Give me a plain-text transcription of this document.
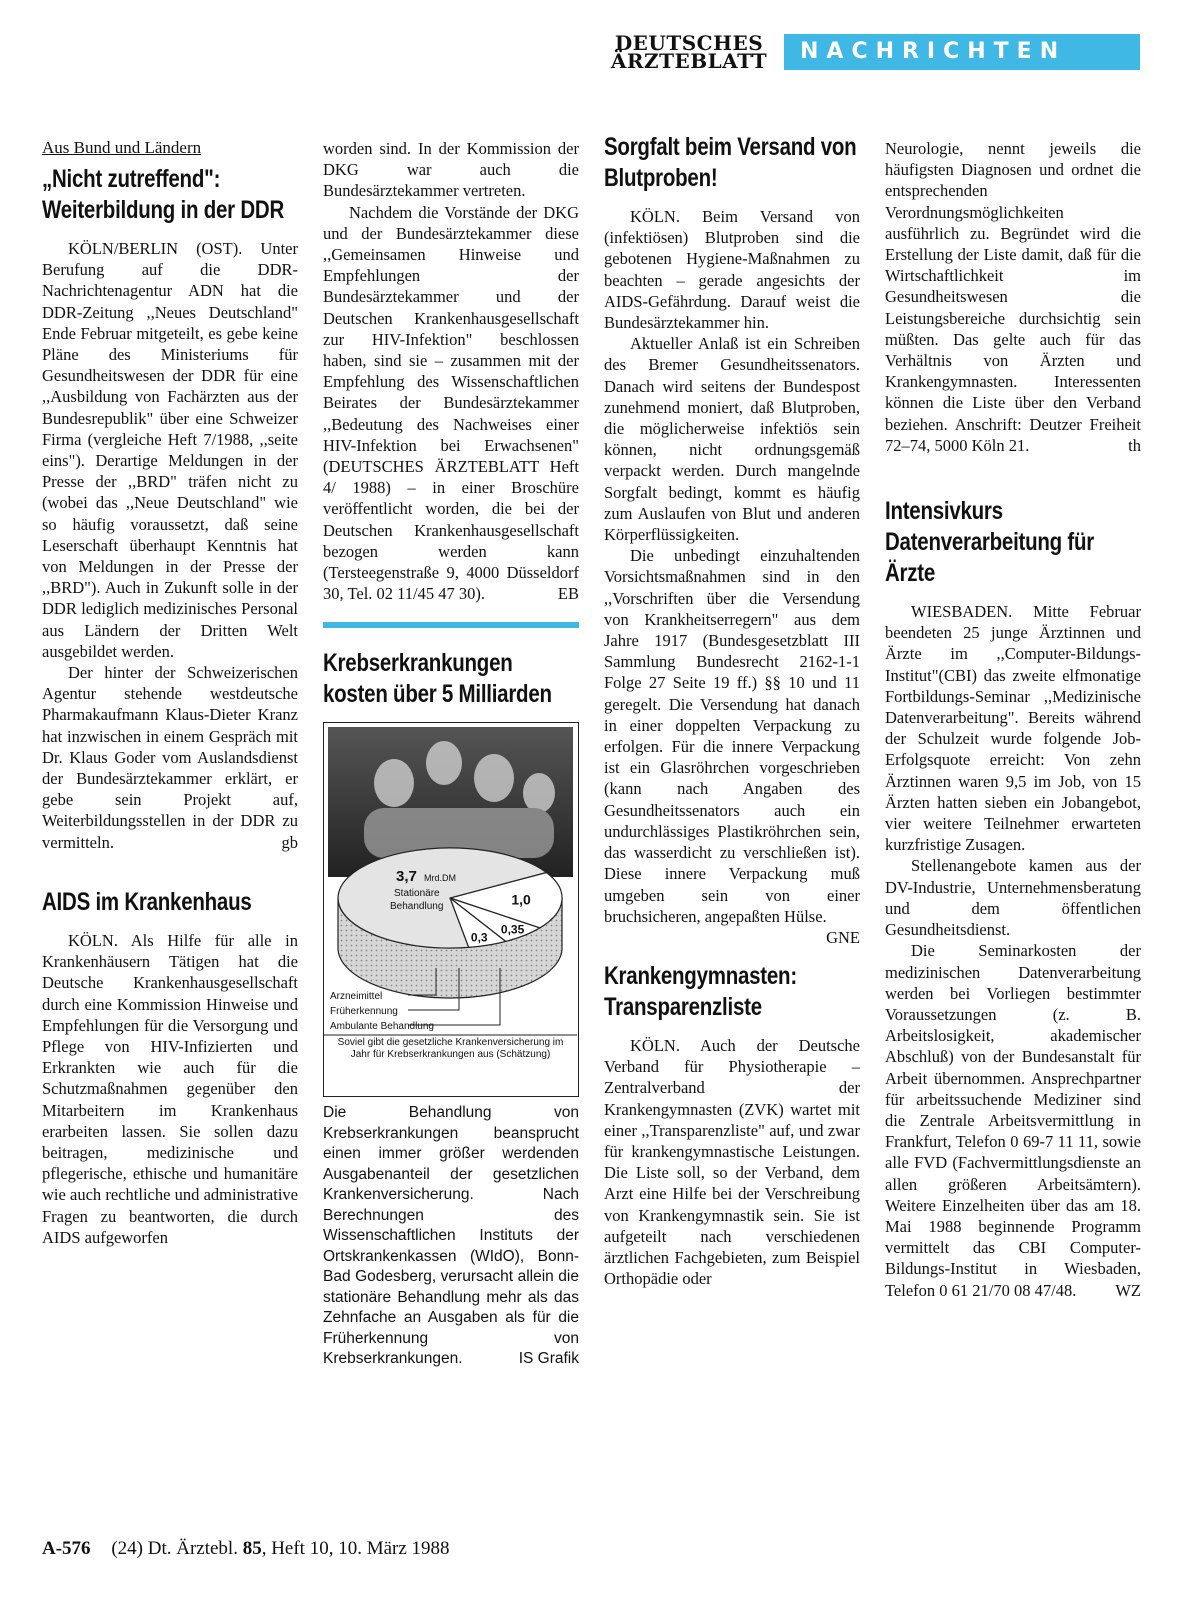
DEUTSCHES
ÄRZTEBLATT	NACHRICHTEN
Aus Bund und Ländern
„Nicht zutreffend": Weiterbildung in der DDR

KÖLN/BERLIN (OST). Unter Berufung auf die DDR-Nachrichtenagentur ADN hat die DDR-Zeitung ,,Neues Deutschland" Ende Februar mitgeteilt, es gebe keine Pläne des Ministeriums für Gesundheitswesen der DDR für eine ,,Ausbildung von Fachärzten aus der Bundesrepublik" über eine Schweizer Firma (vergleiche Heft 7/1988, ,,seite eins"). Derartige Meldungen in der Presse der ,,BRD" träfen nicht zu (wobei das ,,Neue Deutschland" wie so häufig voraussetzt, daß seine Leserschaft überhaupt Kenntnis hat von Meldungen in der Presse der ,,BRD"). Auch in Zukunft solle in der DDR lediglich medizinisches Personal aus Ländern der Dritten Welt ausgebildet werden.

Der hinter der Schweizerischen Agentur stehende westdeutsche Pharmakaufmann Klaus-Dieter Kranz hat inzwischen in einem Gespräch mit Dr. Klaus Goder vom Auslandsdienst der Bundesärztekammer erklärt, er gebe sein Projekt auf, Weiterbildungsstellen in der DDR zu vermitteln.	gb

AIDS im Krankenhaus

KÖLN. Als Hilfe für alle in Krankenhäusern Tätigen hat die Deutsche Krankenhausgesellschaft durch eine Kommission Hinweise und Empfehlungen für die Versorgung und Pflege von HIV-Infizierten und Erkrankten wie auch für die Schutzmaßnahmen gegenüber den Mitarbeitern im Krankenhaus erarbeiten lassen. Sie sollen dazu beitragen, medizinische und pflegerische, ethische und humanitäre wie auch rechtliche und administrative Fragen zu beantworten, die durch AIDS aufgeworfen

worden sind. In der Kommission der DKG war auch die Bundesärztekammer vertreten.

Nachdem die Vorstände der DKG und der Bundesärztekammer diese ,,Gemeinsamen Hinweise und Empfehlungen der Bundesärztekammer und der Deutschen Krankenhausgesellschaft zur HIV-Infektion" beschlossen haben, sind sie – zusammen mit der Empfehlung des Wissenschaftlichen Beirates der Bundesärztekammer ,,Bedeutung des Nachweises einer HIV-Infektion bei Erwachsenen" (DEUTSCHES ÄRZTEBLATT Heft 4/ 1988) – in einer Broschüre veröffentlicht worden, die bei der Deutschen Krankenhausgesellschaft bezogen werden kann (Tersteegenstraße 9, 4000 Düsseldorf 30, Tel. 02 11/45 47 30).	EB

Krebserkrankungen kosten über 5 Milliarden
3,7 Mrd.DM
Stationäre
Behandlung	1,0
0,35
0,3
Arzneimittel
Früherkennung
Ambulante Behandlung
Soviel gibt die gesetzliche Krankenversicherung im Jahr für Krebserkrankungen aus (Schätzung)
Die Behandlung von Krebserkrankungen beansprucht einen immer größer werdenden Ausgabenanteil der gesetzlichen Krankenversicherung. Nach Berechnungen des Wissenschaftlichen Instituts der Ortskrankenkassen (WIdO), Bonn-Bad Godesberg, verursacht allein die stationäre Behandlung mehr als das Zehnfache an Ausgaben als für die Früherkennung von Krebserkrankungen.	IS Grafik
Sorgfalt beim Versand von Blutproben!

KÖLN. Beim Versand von (infektiösen) Blutproben sind die gebotenen Hygiene-Maßnahmen zu beachten – gerade angesichts der AIDS-Gefährdung. Darauf weist die Bundesärztekammer hin.

Aktueller Anlaß ist ein Schreiben des Bremer Gesundheitssenators. Danach wird seitens der Bundespost zunehmend moniert, daß Blutproben, die möglicherweise infektiös sein können, nicht ordnungsgemäß verpackt werden. Durch mangelnde Sorgfalt bedingt, kommt es häufig zum Auslaufen von Blut und anderen Körperflüssigkeiten.

Die unbedingt einzuhaltenden Vorsichtsmaßnahmen sind in den ,,Vorschriften über die Versendung von Krankheitserregern" aus dem Jahre 1917 (Bundesgesetzblatt III Sammlung Bundesrecht 2162-1-1 Folge 27 Seite 19 ff.) §§ 10 und 11 geregelt. Die Versendung hat danach in einer doppelten Verpackung zu erfolgen. Für die innere Verpackung ist ein Glasröhrchen vorgeschrieben (kann nach Angaben des Gesundheitssenators auch ein undurchlässiges Plastikröhrchen sein, das wasserdicht zu verschließen ist). Diese innere Verpackung muß umgeben sein von einer bruchsicheren, angepaßten Hülse.
GNE

Krankengymnasten: Transparenzliste

KÖLN. Auch der Deutsche Verband für Physiotherapie – Zentralverband der Krankengymnasten (ZVK) wartet mit einer ,,Transparenzliste" auf, und zwar für krankengymnastische Leistungen. Die Liste soll, so der Verband, dem Arzt eine Hilfe bei der Verschreibung von Krankengymnastik sein. Sie ist aufgeteilt nach verschiedenen ärztlichen Fachgebieten, zum Beispiel Orthopädie oder

Neurologie, nennt jeweils die häufigsten Diagnosen und ordnet die entsprechenden Verordnungsmöglichkeiten ausführlich zu. Begründet wird die Erstellung der Liste damit, daß für die Wirtschaftlichkeit im Gesundheitswesen die Leistungsbereiche durchsichtig sein müßten. Das gelte auch für das Verhältnis von Ärzten und Krankengymnasten. Interessenten können die Liste über den Verband beziehen. Anschrift: Deutzer Freiheit 72–74, 5000 Köln 21.	th

Intensivkurs Datenverarbeitung für Ärzte

WIESBADEN. Mitte Februar beendeten 25 junge Ärztinnen und Ärzte im ,,Computer-Bildungs-Institut"(CBI) das zweite elfmonatige Fortbildungs-Seminar ,,Medizinische Datenverarbeitung". Bereits während der Schulzeit wurde folgende Job-Erfolgsquote erreicht: Von zehn Ärztinnen waren 9,5 im Job, von 15 Ärzten hatten sieben ein Jobangebot, vier weitere Teilnehmer erwarteten kurzfristige Zusagen.

Stellenangebote kamen aus der DV-Industrie, Unternehmensberatung und dem öffentlichen Gesundheitsdienst.

Die Seminarkosten der medizinischen Datenverarbeitung werden bei Vorliegen bestimmter Voraussetzungen (z. B. Arbeitslosigkeit, akademischer Abschluß) von der Bundesanstalt für Arbeit übernommen. Ansprechpartner für arbeitssuchende Mediziner sind die Zentrale Arbeitsvermittlung in Frankfurt, Telefon 0 69-7 11 11, sowie alle FVD (Fachvermittlungsdienste an allen größeren Arbeitsämtern). Weitere Einzelheiten über das am 18. Mai 1988 beginnende Programm vermittelt das CBI Computer-Bildungs-Institut in Wiesbaden, Telefon 0 61 21/70 08 47/48.	WZ

A-576 (24) Dt. Ärztebl. 85, Heft 10, 10. März 1988
